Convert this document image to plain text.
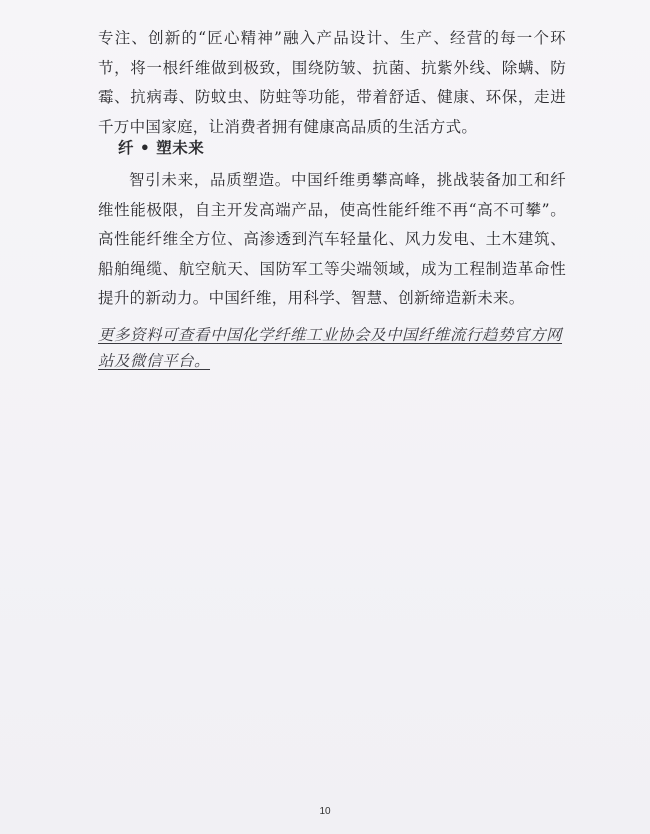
专注、创新的“匠心精神”融入产品设计、生产、经营的每一个环节，将一根纤维做到极致，围绕防皱、抗菌、抗紫外线、除螨、防霉、抗病毒、防蚊虫、防蛀等功能，带着舒适、健康、环保，走进千万中国家庭，让消费者拥有健康高品质的生活方式。
纤 • 塑未来
智引未来，品质塑造。中国纤维勇攀高峰，挑战装备加工和纤维性能极限，自主开发高端产品，使高性能纤维不再“高不可攀”。高性能纤维全方位、高渗透到汽车轻量化、风力发电、土木建筑、船舶绳缆、航空航天、国防军工等尖端领域，成为工程制造革命性提升的新动力。中国纤维，用科学、智慧、创新缔造新未来。
更多资料可查看中国化学纤维工业协会及中国纤维流行趋势官方网站及微信平台。
10
